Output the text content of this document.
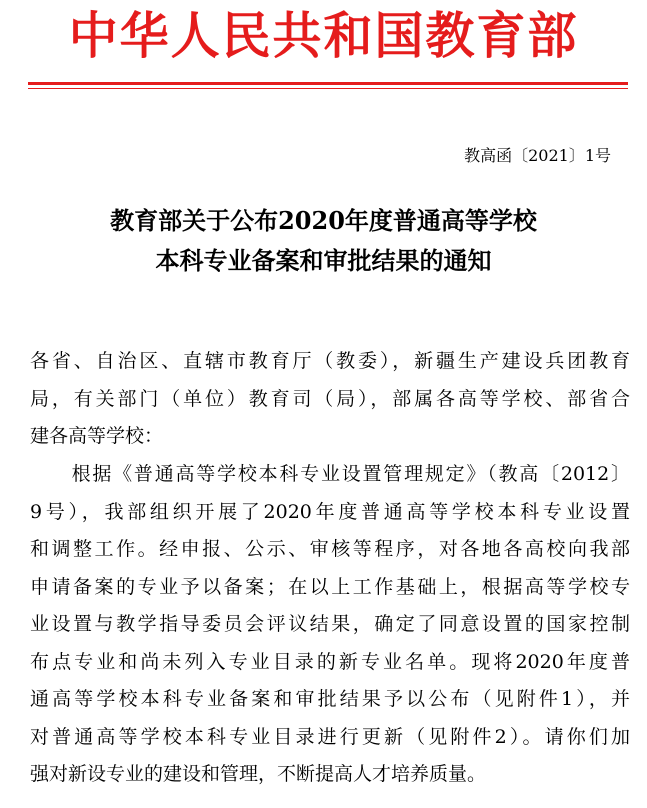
中华人民共和国教育部
教高函〔2021〕1号
教育部关于公布2020年度普通高等学校
本科专业备案和审批结果的通知
各省、自治区、直辖市教育厅（教委），新疆生产建设兵团教育
局，有关部门（单位）教育司（局），部属各高等学校、部省合
建各高等学校：
　　根据《普通高等学校本科专业设置管理规定》（教高〔2012〕
9号），我部组织开展了2020年度普通高等学校本科专业设置
和调整工作。经申报、公示、审核等程序，对各地各高校向我部
申请备案的专业予以备案；在以上工作基础上，根据高等学校专
业设置与教学指导委员会评议结果，确定了同意设置的国家控制
布点专业和尚未列入专业目录的新专业名单。现将2020年度普
通高等学校本科专业备案和审批结果予以公布（见附件1），并
对普通高等学校本科专业目录进行更新（见附件2）。请你们加
强对新设专业的建设和管理，不断提高人才培养质量。
